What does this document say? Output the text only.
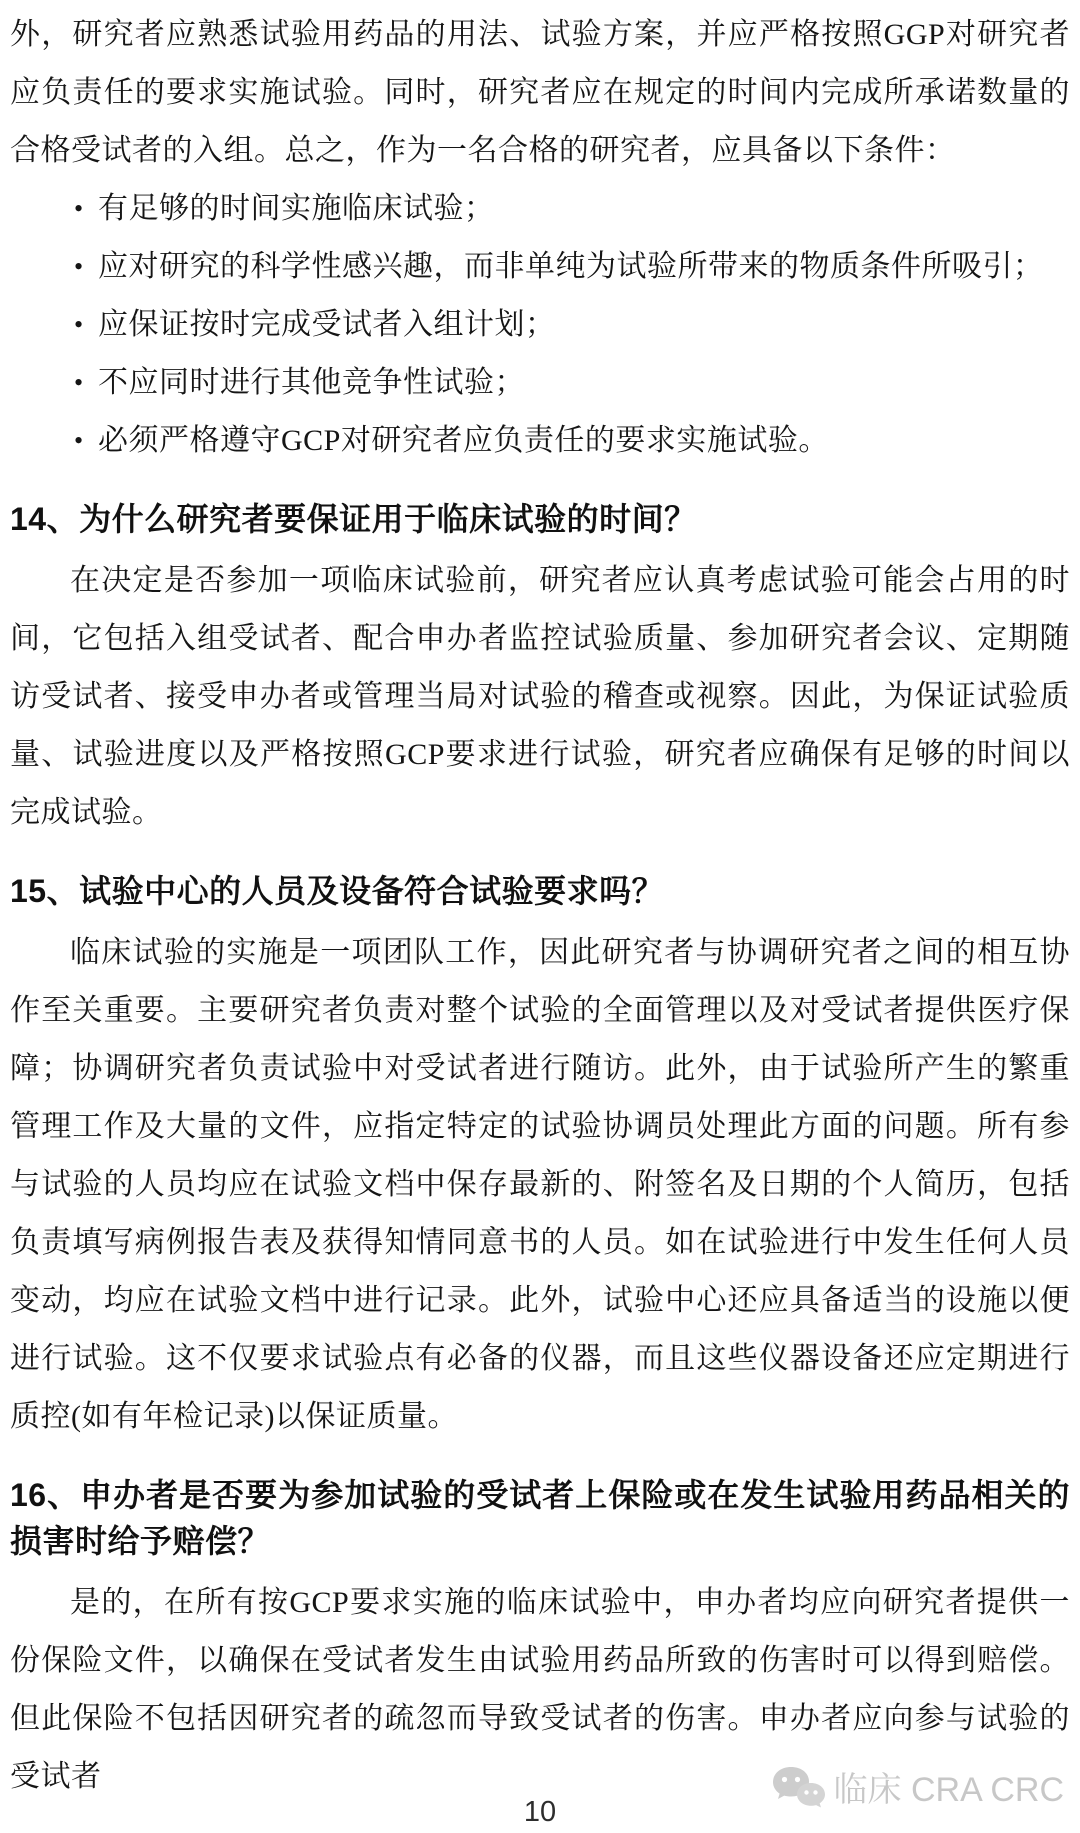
外，研究者应熟悉试验用药品的用法、试验方案，并应严格按照GGP对研究者应负责任的要求实施试验。同时，研究者应在规定的时间内完成所承诺数量的合格受试者的入组。总之，作为一名合格的研究者，应具备以下条件：

• 有足够的时间实施临床试验；
• 应对研究的科学性感兴趣，而非单纯为试验所带来的物质条件所吸引；
• 应保证按时完成受试者入组计划；
• 不应同时进行其他竞争性试验；
• 必须严格遵守GCP对研究者应负责任的要求实施试验。
14、为什么研究者要保证用于临床试验的时间？

在决定是否参加一项临床试验前，研究者应认真考虑试验可能会占用的时间，它包括入组受试者、配合申办者监控试验质量、参加研究者会议、定期随访受试者、接受申办者或管理当局对试验的稽查或视察。因此，为保证试验质量、试验进度以及严格按照GCP要求进行试验，研究者应确保有足够的时间以完成试验。

15、试验中心的人员及设备符合试验要求吗？

临床试验的实施是一项团队工作，因此研究者与协调研究者之间的相互协作至关重要。主要研究者负责对整个试验的全面管理以及对受试者提供医疗保障；协调研究者负责试验中对受试者进行随访。此外，由于试验所产生的繁重管理工作及大量的文件，应指定特定的试验协调员处理此方面的问题。所有参与试验的人员均应在试验文档中保存最新的、附签名及日期的个人简历，包括负责填写病例报告表及获得知情同意书的人员。如在试验进行中发生任何人员变动，均应在试验文档中进行记录。此外，试验中心还应具备适当的设施以便进行试验。这不仅要求试验点有必备的仪器，而且这些仪器设备还应定期进行质控(如有年检记录)以保证质量。

16、申办者是否要为参加试验的受试者上保险或在发生试验用药品相关的损害时给予赔偿？

是的，在所有按GCP要求实施的临床试验中，申办者均应向研究者提供一份保险文件，以确保在受试者发生由试验用药品所致的伤害时可以得到赔偿。但此保险不包括因研究者的疏忽而导致受试者的伤害。申办者应向参与试验的受试者	临床 CRA CRC
10
